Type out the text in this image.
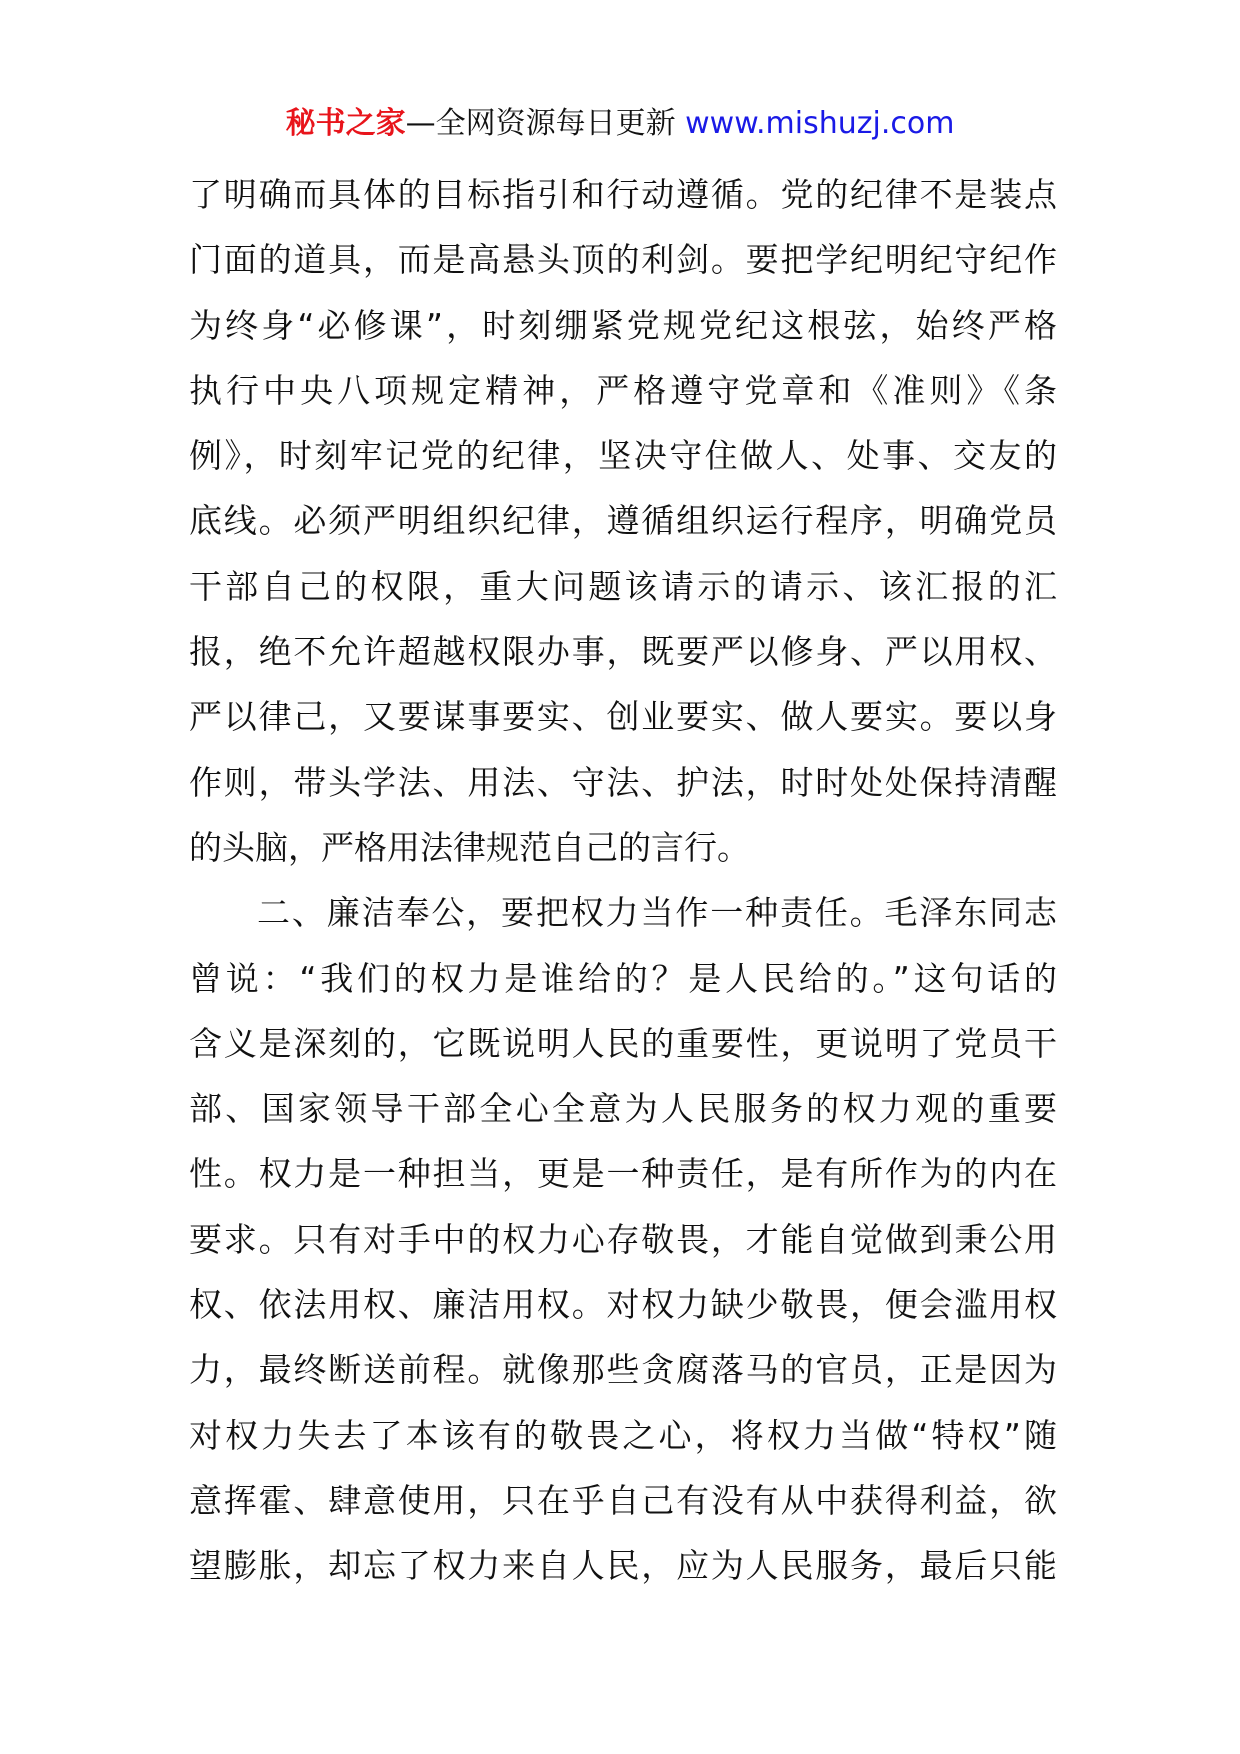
秘书之家—全网资源每日更新 www.mishuzj.com
了明确而具体的目标指引和行动遵循。党的纪律不是装点
门面的道具，而是高悬头顶的利剑。要把学纪明纪守纪作
为终身“必修课”，时刻绷紧党规党纪这根弦，始终严格
执行中央八项规定精神，严格遵守党章和《准则》《条
例》，时刻牢记党的纪律，坚决守住做人、处事、交友的
底线。必须严明组织纪律，遵循组织运行程序，明确党员
干部自己的权限，重大问题该请示的请示、该汇报的汇
报，绝不允许超越权限办事，既要严以修身、严以用权、
严以律己，又要谋事要实、创业要实、做人要实。要以身
作则，带头学法、用法、守法、护法，时时处处保持清醒
的头脑，严格用法律规范自己的言行。
二、廉洁奉公，要把权力当作一种责任。毛泽东同志
曾说：“我们的权力是谁给的？是人民给的。”这句话的
含义是深刻的，它既说明人民的重要性，更说明了党员干
部、国家领导干部全心全意为人民服务的权力观的重要
性。权力是一种担当，更是一种责任，是有所作为的内在
要求。只有对手中的权力心存敬畏，才能自觉做到秉公用
权、依法用权、廉洁用权。对权力缺少敬畏，便会滥用权
力，最终断送前程。就像那些贪腐落马的官员，正是因为
对权力失去了本该有的敬畏之心，将权力当做“特权”随
意挥霍、肆意使用，只在乎自己有没有从中获得利益，欲
望膨胀，却忘了权力来自人民，应为人民服务，最后只能
